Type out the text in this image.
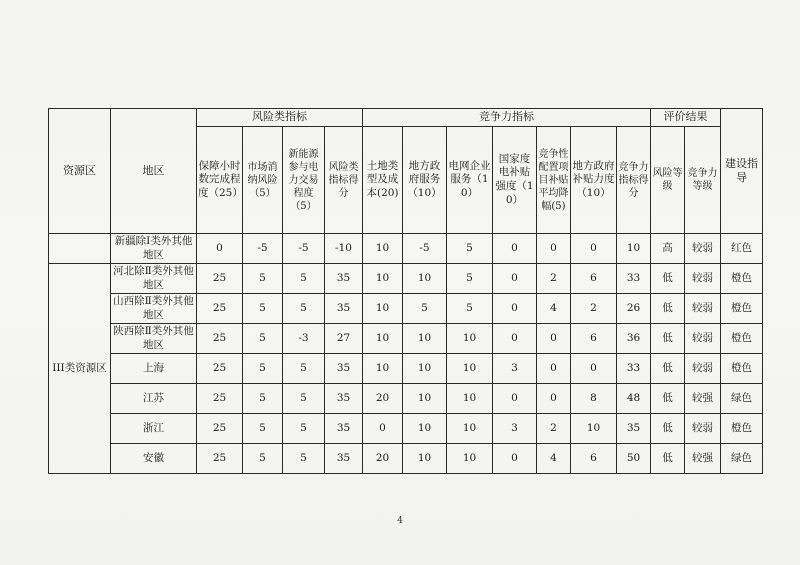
资源区	地区	风险类指标				竞争力指标							评价结果		建设指导
		保障小时数完成程度（25）	市场消纳风险（5）	新能源参与电力交易程度（5）	风险类指标得分	土地类型及成本(20)	地方政府服务（10）	电网企业服务（10）	国家度电补贴强度（10）	竞争性配置项目补贴平均降幅(5)	地方政府补贴力度（10）	竞争力指标得分	风险等级	竞争力等级	
	新疆除Ⅰ类外其他地区	0	-5	-5	-10	10	-5	5	0	0	0	10	高	较弱	红色
III类资源区	河北除Ⅱ类外其他地区	25	5	5	35	10	10	5	0	2	6	33	低	较弱	橙色
	山西除Ⅱ类外其他地区	25	5	5	35	10	5	5	0	4	2	26	低	较弱	橙色
	陕西除Ⅱ类外其他地区	25	5	-3	27	10	10	10	0	0	6	36	低	较弱	橙色
	上海	25	5	5	35	10	10	10	3	0	0	33	低	较弱	橙色
	江苏	25	5	5	35	20	10	10	0	0	8	48	低	较强	绿色
	浙江	25	5	5	35	0	10	10	3	2	10	35	低	较弱	橙色
	安徽	25	5	5	35	20	10	10	0	4	6	50	低	较强	绿色
4
